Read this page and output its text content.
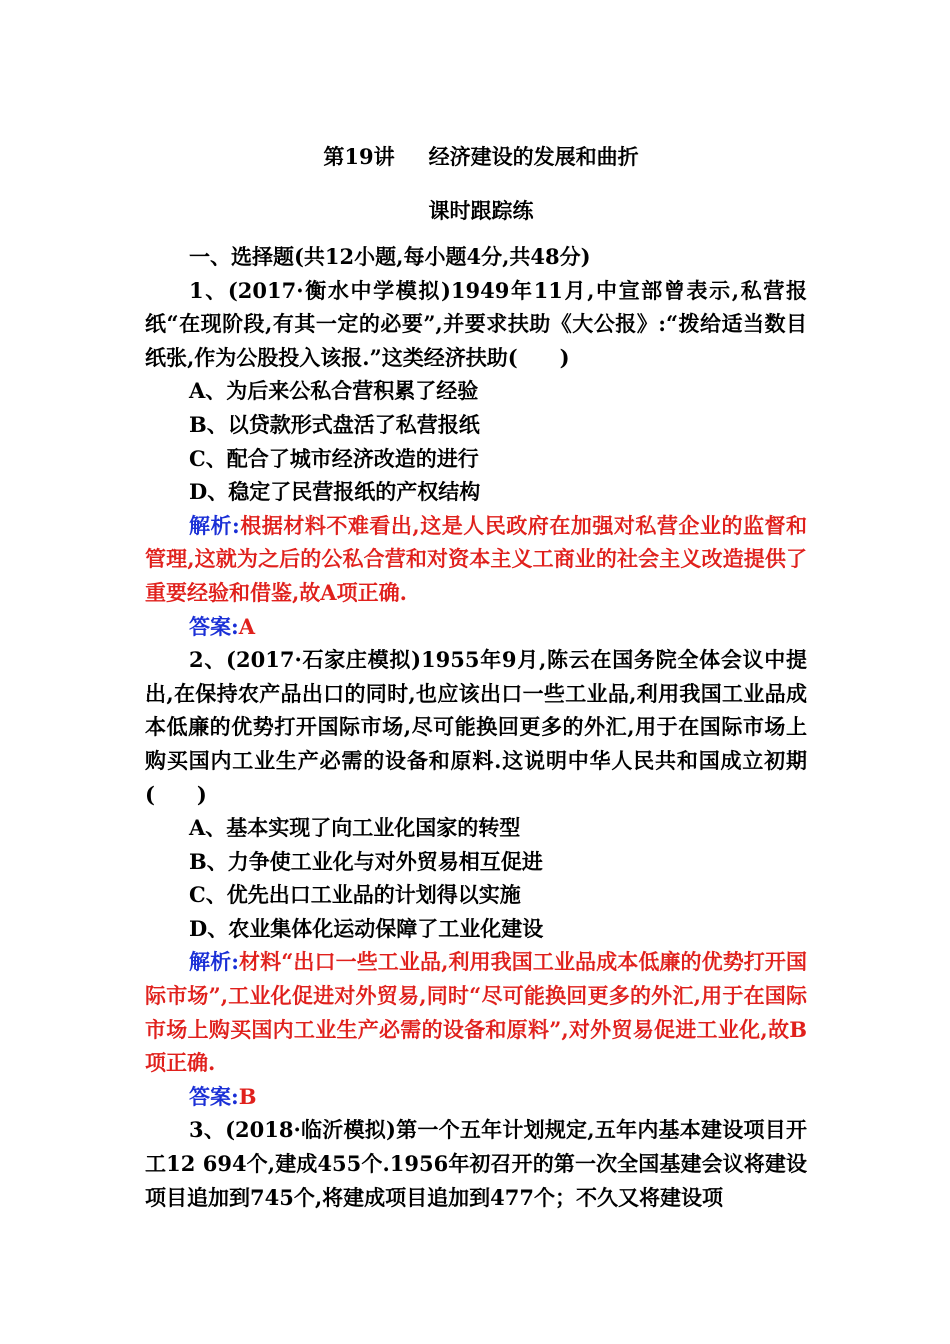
第19讲 经济建设的发展和曲折
课时跟踪练

一、选择题(共12小题,每小题4分,共48分)

1、(2017·衡水中学模拟)1949年11月,中宣部曾表示,私营报纸“在现阶段,有其一定的必要”,并要求扶助《大公报》:“拨给适当数目纸张,作为公股投入该报.”这类经济扶助(　　)

A、为后来公私合营积累了经验

B、以贷款形式盘活了私营报纸

C、配合了城市经济改造的进行

D、稳定了民营报纸的产权结构

解析:根据材料不难看出,这是人民政府在加强对私营企业的监督和管理,这就为之后的公私合营和对资本主义工商业的社会主义改造提供了重要经验和借鉴,故A项正确.

答案:A

2、(2017·石家庄模拟)1955年9月,陈云在国务院全体会议中提出,在保持农产品出口的同时,也应该出口一些工业品,利用我国工业品成本低廉的优势打开国际市场,尽可能换回更多的外汇,用于在国际市场上购买国内工业生产必需的设备和原料.这说明中华人民共和国成立初期(　　)

A、基本实现了向工业化国家的转型

B、力争使工业化与对外贸易相互促进

C、优先出口工业品的计划得以实施

D、农业集体化运动保障了工业化建设

解析:材料“出口一些工业品,利用我国工业品成本低廉的优势打开国际市场”,工业化促进对外贸易,同时“尽可能换回更多的外汇,用于在国际市场上购买国内工业生产必需的设备和原料”,对外贸易促进工业化,故B项正确.

答案:B

3、(2018·临沂模拟)第一个五年计划规定,五年内基本建设项目开工12 694个,建成455个.1956年初召开的第一次全国基建会议将建设项目追加到745个,将建成项目追加到477个；不久又将建设项
